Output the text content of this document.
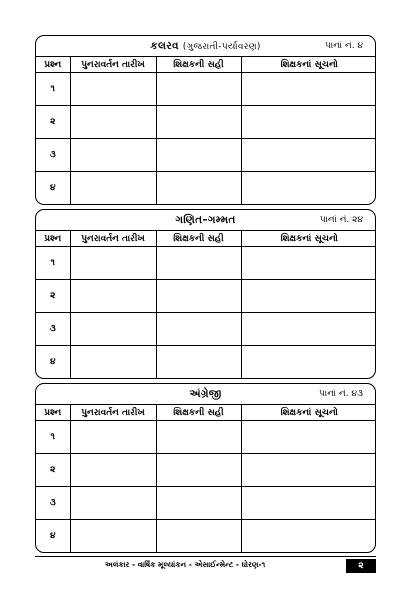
કલરવ (ગુજરાતી-પર્યાવરણ)	પાનાં નં. ૪
પ્રશ્ન	પુનરાવર્તન તારીખ	શિક્ષકની સહી	શિક્ષકનાં સૂચનો
૧			
૨			
૩			
૪			
ગણિત–ગમ્મત	પાનાં નં. ૨૪
પ્રશ્ન	પુનરાવર્તન તારીખ	શિક્ષકની સહી	શિક્ષકનાં સૂચનો
૧			
૨			
૩			
૪			
અંગ્રેજી	પાનાં નં. ૪૩
પ્રશ્ન	પુનરાવર્તન તારીખ	શિક્ષકની સહી	શિક્ષકનાં સૂચનો
૧			
૨			
૩			
૪			
અલંકાર - વાર્ષિક મૂલ્યાંકન - એસાઈન્મેન્ટ - ધોરણ-૧	૨
